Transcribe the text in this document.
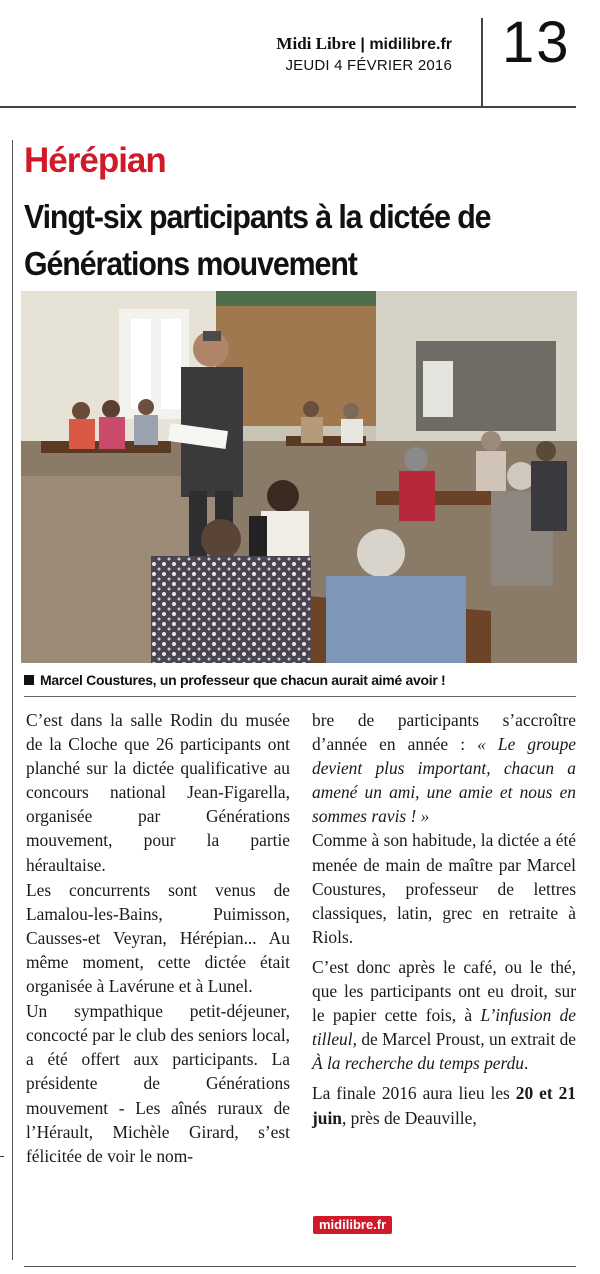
Midi Libre | midilibre.fr
JEUDI 4 FÉVRIER 2016 13
Hérépian
Vingt-six participants à la dictée de Générations mouvement
Marcel Coustures, un professeur que chacun aurait aimé avoir !

C’est dans la salle Rodin du musée de la Cloche que 26 participants ont planché sur la dictée qualificative au concours national Jean-Figarella, organisée par Générations mouvement, pour la partie héraultaise.

Les concurrents sont venus de Lamalou-les-Bains, Puimisson, Causses-et Veyran, Hérépian... Au même moment, cette dictée était organisée à Lavérune et à Lunel.

Un sympathique petit-déjeuner, concocté par le club des seniors local, a été offert aux participants. La présidente de Générations mouvement - Les aînés ruraux de l’Hérault, Michèle Girard, s’est félicitée de voir le nom-

bre de participants s’accroître d’année en année : « Le groupe devient plus important, chacun a amené un ami, une amie et nous en sommes ravis ! »

Comme à son habitude, la dictée a été menée de main de maître par Marcel Coustures, professeur de lettres classiques, latin, grec en retraite à Riols.

C’est donc après le café, ou le thé, que les participants ont eu droit, sur le papier cette fois, à L’infusion de tilleul, de Marcel Proust, un extrait de À la recherche du temps perdu.

La finale 2016 aura lieu les 20 et 21 juin, près de Deauville,

midilibre.fr
